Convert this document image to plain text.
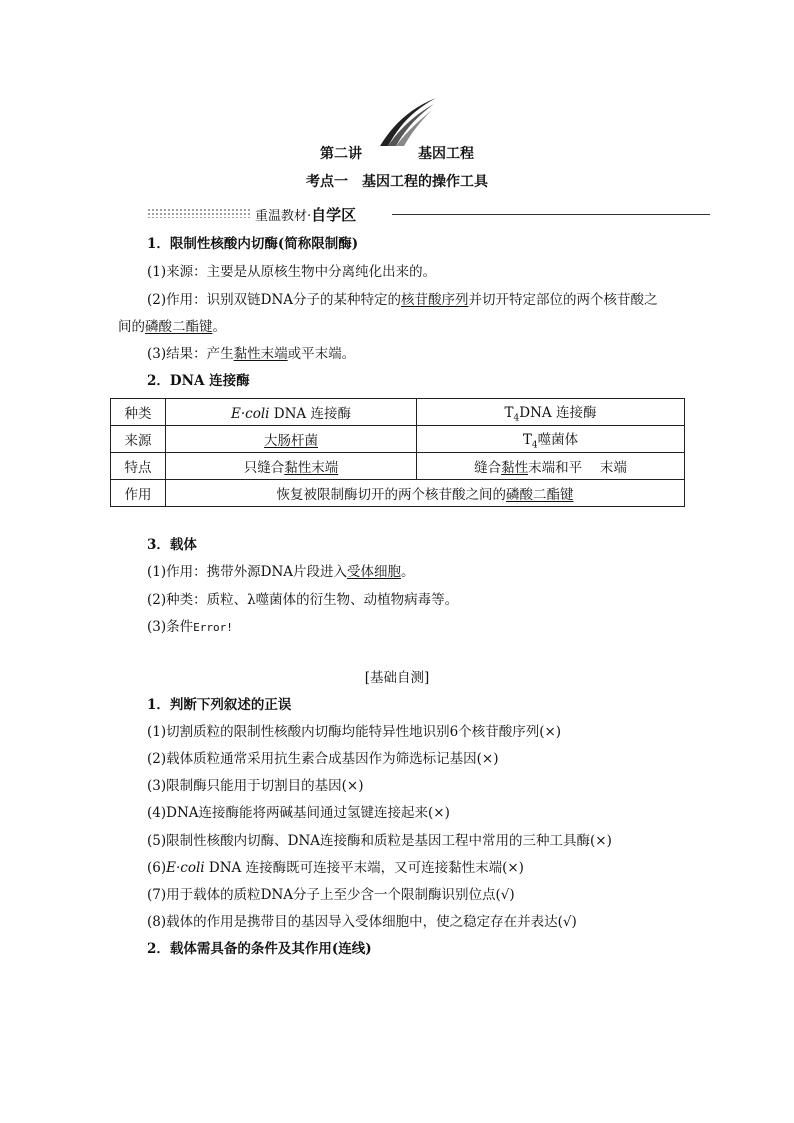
第二讲	基因工程
考点一 基因工程的操作工具
重温教材·自学区
1．限制性核酸内切酶(简称限制酶)
(1)来源：主要是从原核生物中分离纯化出来的。
(2)作用：识别双链DNA分子的某种特定的核苷酸序列并切开特定部位的两个核苷酸之
间的磷酸二酯键。
(3)结果：产生黏性末端或平末端。
2．DNA 连接酶
种类	E·coli DNA 连接酶	$T_4DNA$ 连接酶
来源	大肠杆菌	$T_4$噬菌体
特点	只缝合黏性末端	缝合黏性末端和平　 末端
作用	恢复被限制酶切开的两个核苷酸之间的磷酸二酯键	
3．载体
(1)作用：携带外源DNA片段进入受体细胞。
(2)种类：质粒、λ噬菌体的衍生物、动植物病毒等。
(3)条件Error!
[基础自测]
1．判断下列叙述的正误
(1)切割质粒的限制性核酸内切酶均能特异性地识别6个核苷酸序列(×)
(2)载体质粒通常采用抗生素合成基因作为筛选标记基因(×)
(3)限制酶只能用于切割目的基因(×)
(4)DNA连接酶能将两碱基间通过氢键连接起来(×)
(5)限制性核酸内切酶、DNA连接酶和质粒是基因工程中常用的三种工具酶(×)
(6)E·coli DNA 连接酶既可连接平末端，又可连接黏性末端(×)
(7)用于载体的质粒DNA分子上至少含一个限制酶识别位点(√)
(8)载体的作用是携带目的基因导入受体细胞中，使之稳定存在并表达(√)
2．载体需具备的条件及其作用(连线)
